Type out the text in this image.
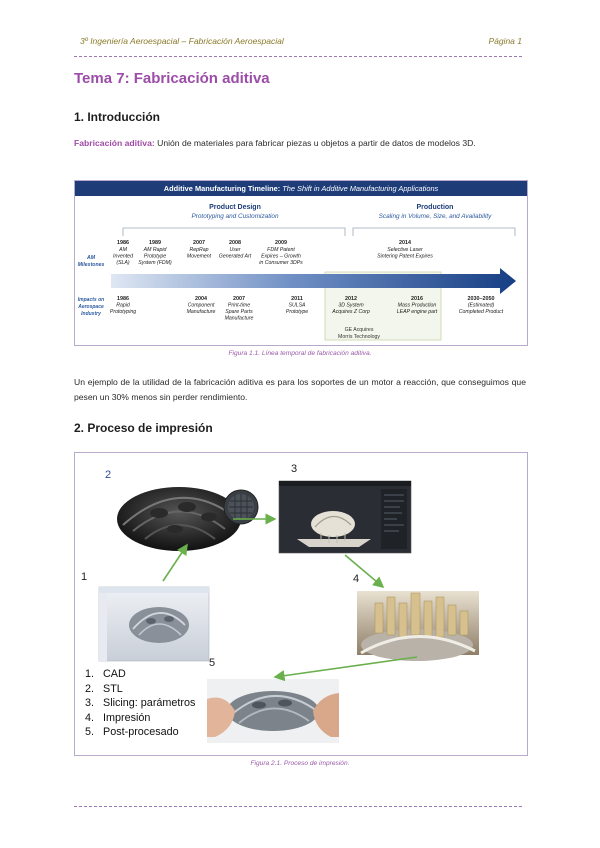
3º Ingeniería Aeroespacial – Fabricación Aeroespacial	Página 1
Tema 7: Fabricación aditiva
1. Introducción
Fabricación aditiva: Unión de materiales para fabricar piezas u objetos a partir de datos de modelos 3D.
Additive Manufacturing Timeline: The Shift in Additive Manufacturing Applications
Product Design
Prototyping and Customization
Production
Scaling in Volume, Size, and Availability
AM
Milestones
Impacts on
Aerospace
Industry
1986
AM
Invented
(SLA)
1989
AM Rapid
Prototype
System (FDM)
2007
RepRap
Movement
2008
User
Generated Art
2009
FDM Patent
Expires – Growth
in Consumer 3DPs
2014
Selective Laser
Sintering Patent Expires
1986
Rapid
Prototyping
2004
Component
Manufacture
2007
Print-time
Spare Parts
Manufacture
2011
SULSA
Prototype
2012
3D System
Acquires Z Corp
2016
Mass Production
LEAP engine part
2030–2050
(Estimated)
Completed Product
GE Acquires
Morris Technology
Figura 1.1. Línea temporal de fabricación aditiva.
Un ejemplo de la utilidad de la fabricación aditiva es para los soportes de un motor a reacción, que conseguimos que pesen un 30% menos sin perder rendimiento.
2. Proceso de impresión
1
2	3
4
5
1. CAD
2. STL
3. Slicing: parámetros
4. Impresión
5. Post-procesado
Figura 2.1. Proceso de impresión.
